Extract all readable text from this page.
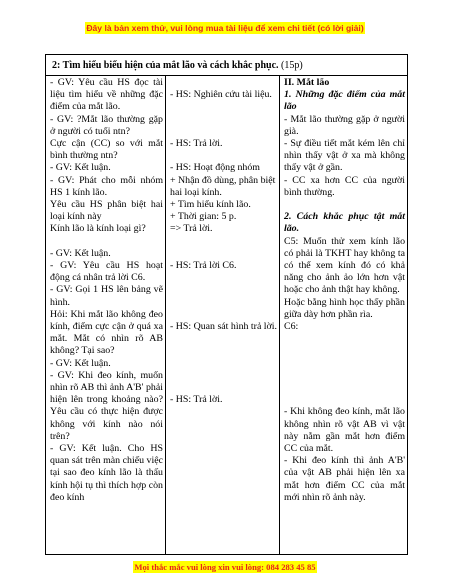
Đây là bản xem thử, vui lòng mua tài liệu để xem chi tiết (có lời giải)
2: Tìm hiểu biểu hiện của mắt lão và cách khắc phục. (15p)

- GV: Yêu cầu HS đọc tài liệu tìm hiểu về những đặc điểm của mắt lão.

- GV: ?Mắt lão thường gặp ở người có tuổi ntn?

Cực cận (CC) so với mắt bình thường ntn?

- GV: Kết luận.

- GV: Phát cho mỗi nhóm HS 1 kính lão.

Yêu cầu HS phân biệt hai loại kính này

Kính lão là kính loại gì?

- GV: Kết luận.

- GV: Yêu cầu HS hoạt động cá nhân trả lời C6.

- GV: Gọi 1 HS lên bảng vẽ hình.

Hỏi: Khi mắt lão không đeo kính, điểm cực cận ở quá xa mắt. Mắt có nhìn rõ AB không? Tại sao?

- GV: Kết luận.

- GV: Khi đeo kính, muốn nhìn rõ AB thì ảnh A'B' phải hiện lên trong khoảng nào? Yêu cầu có thực hiện được không với kính nào nói trên?

- GV: Kết luận. Cho HS quan sát trên màn chiếu việc tại sao đeo kính lão là thấu kính hội tụ thì thích hợp còn đeo kính

- HS: Nghiên cứu tài liệu.

- HS: Trả lời.

- HS: Hoạt động nhóm

+ Nhận đồ dùng, phân biệt hai loại kính.

+ Tìm hiểu kính lão.

+ Thời gian: 5 p.

=> Trả lời.

- HS: Trả lời C6.

- HS: Quan sát hình trả lời.

- HS: Trả lời.

II. Mắt lão

1. Những đặc điểm của mắt lão

- Mắt lão thường gặp ở người già.

- Sự điều tiết mắt kém lên chỉ nhìn thấy vật ở xa mà không thấy vật ở gần.

- CC xa hơn CC của người bình thường.

2. Cách khắc phục tật mắt lão.

C5: Muốn thử xem kính lão có phải là TKHT hay không ta có thể xem kính đó có khả năng cho ảnh ảo lớn hơn vật hoặc cho ảnh thật hay không.

Hoặc bằng hình học thấy phần giữa dày hơn phần rìa.

C6:

- Khi không đeo kính, mắt lão không nhìn rõ vật AB vì vật này nằm gần mắt hơn điểm CC của mắt.

- Khi đeo kính thì ảnh A'B' của vật AB phải hiện lên xa mắt hơn điểm CC của mắt mới nhìn rõ ảnh này.

Mọi thắc mắc vui lòng xin vui lòng: 084 283 45 85
